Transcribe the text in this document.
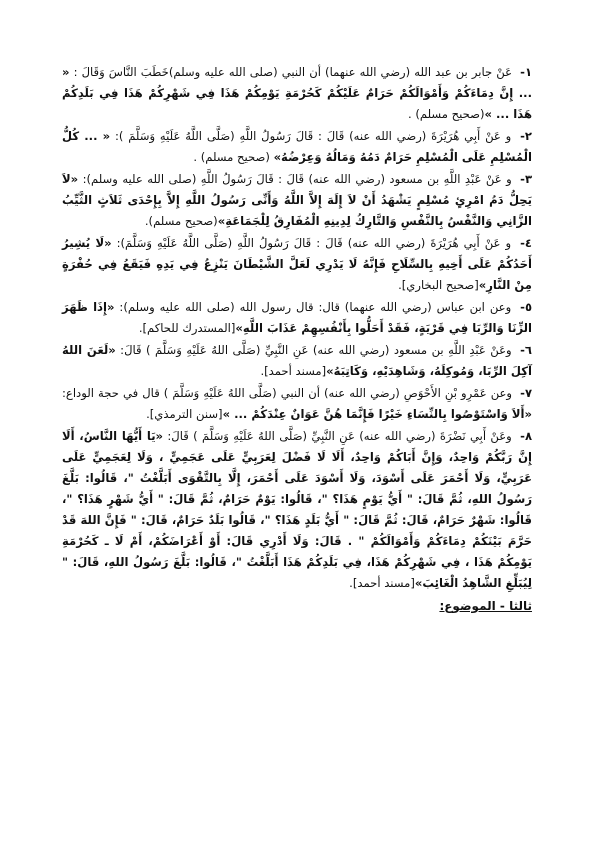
١- عَنْ جابر بن عبد الله (رضي الله عنهما) أن النبي (صلى الله عليه وسلم)خَطَبَ النَّاسَ وَقَالَ : « ... إِنَّ دِمَاءَكُمْ وَأَمْوَالَكُمْ حَرَامٌ عَلَيْكُمْ كَحُرْمَةِ يَوْمِكُمْ هَذَا فِي شَهْرِكُمْ هَذَا فِي بَلَدِكُمْ هَذَا ... »(صحيح مسلم) .

٢- و عَنْ أَبِي هُرَيْرَةَ (رضي الله عنه) قَالَ : قَالَ رَسُولُ اللَّهِ (صَلَّى اللَّهُ عَلَيْهِ وَسَلَّمَ ): « ... كُلُّ الْمُسْلِمِ عَلَى الْمُسْلِمِ حَرَامٌ دَمُهُ وَمَالُهُ وَعِرْضُهُ» (صحيح مسلم) .

٣- و عَنْ عَبْدِ اللَّهِ بن مسعود (رضي الله عنه) قَالَ : قَالَ رَسُولُ اللَّهِ (صلى الله عليه وسلم): «لاَ يَحِلُّ دَمُ امْرِئٍ مُسْلِمٍ يَشْهَدُ أَنْ لاَ إِلَهَ إِلاَّ اللَّهُ وَأَنِّى رَسُولُ اللَّهِ إِلاَّ بِإِحْدَى ثَلاَثٍ الثَّيِّبُ الزَّانِي وَالنَّفْسُ بِالنَّفْسِ وَالتَّارِكُ لِدِينِهِ الْمُفَارِقُ لِلْجَمَاعَةِ»(صحيح مسلم).

٤- و عَنْ أَبِي هُرَيْرَةَ (رضي الله عنه) قَالَ : قَالَ رَسُولُ اللَّهِ (صَلَّى اللَّهُ عَلَيْهِ وَسَلَّمَ): «لَا يُشِيرُ أَحَدُكُمْ عَلَى أَخِيهِ بِالسِّلَاحِ فَإِنَّهُ لَا يَدْرِي لَعَلَّ الشَّيْطَانَ يَنْزِعُ فِي يَدِهِ فَيَقَعُ فِي حُفْرَةٍ مِنْ النَّارِ»[صحيح البخاري].

٥- وعن ابن عباس (رضي الله عنهما) قال: قال رسول الله (صلى الله عليه وسلم): «إِذَا ظَهَرَ الزِّنَا وَالرِّبَا فِي قَرْيَةٍ، فَقَدْ أَحَلُّوا بِأَنْفُسِهِمْ عَذَابَ اللَّهِ»[المستدرك للحاكم].

٦- وعَنْ عَبْدِ اللَّهِ بن مسعود (رضي الله عنه) عَنِ النَّبِيِّ (صَلَّى اللهُ عَلَيْهِ وَسَلَّمَ ) قَالَ: «لَعَنَ اللهُ آكِلَ الرِّبَا، وَمُوكِلَهُ، وَشَاهِدَيْهِ، وَكَاتِبَهُ»[مسند أحمد].

٧- وعن عَمْرِو بْنِ الأَحْوَصِ (رضي الله عنه) أن النبي (صَلَّى اللهُ عَلَيْهِ وَسَلَّمَ ) قال في حجة الوداع: «أَلاَ وَاسْتَوْصُوا بِالنِّسَاءِ خَيْرًا فَإِنَّمَا هُنَّ عَوَانٌ عِنْدَكُمْ ... »[سنن الترمذي].

٨- وعَنْ أَبِي نَضْرَةَ (رضي الله عنه) عَنِ النَّبِيِّ (صَلَّى اللهُ عَلَيْهِ وَسَلَّمَ ) قَالَ: «يَا أَيُّهَا النَّاسُ، أَلَا إِنَّ رَبَّكُمْ وَاحِدٌ، وَإِنَّ أَبَاكُمْ وَاحِدٌ، أَلَا لَا فَضْلَ لِعَرَبِيٍّ عَلَى عَجَمِيٍّ ، وَلَا لِعَجَمِيٍّ عَلَى عَرَبِيٍّ، وَلَا أَحْمَرَ عَلَى أَسْوَدَ، وَلَا أَسْوَدَ عَلَى أَحْمَرَ، إِلَّا بِالتَّقْوَى أَبَلَّغْتُ "، قَالُوا: بَلَّغَ رَسُولُ اللهِ، ثُمَّ قَالَ: " أَيُّ يَوْمٍ هَذَا؟ "، قَالُوا: يَوْمٌ حَرَامٌ، ثُمَّ قَالَ: " أَيُّ شَهْرٍ هَذَا؟ "، قَالُوا: شَهْرٌ حَرَامٌ، قَالَ: ثُمَّ قَالَ: " أَيُّ بَلَدٍ هَذَا؟ "، قَالُوا بَلَدٌ حَرَامٌ، قَالَ: " فَإِنَّ اللهَ قَدْ حَرَّمَ بَيْنَكُمْ دِمَاءَكُمْ وَأَمْوَالَكُمْ " . قَالَ: وَلَا أَدْرِي قَالَ: أَوْ أَعْرَاضَكُمْ، أَمْ لَا ـ كَحُرْمَةِ يَوْمِكُمْ هَذَا ، فِي شَهْرِكُمْ هَذَا، فِي بَلَدِكُمْ هَذَا أَبَلَّغْتُ "، قَالُوا: بَلَّغَ رَسُولُ اللهِ، قَالَ: " لِيُبَلِّغِ الشَّاهِدُ الْغَائِبَ»[مسند أحمد].

ثالثا - الموضوع:
